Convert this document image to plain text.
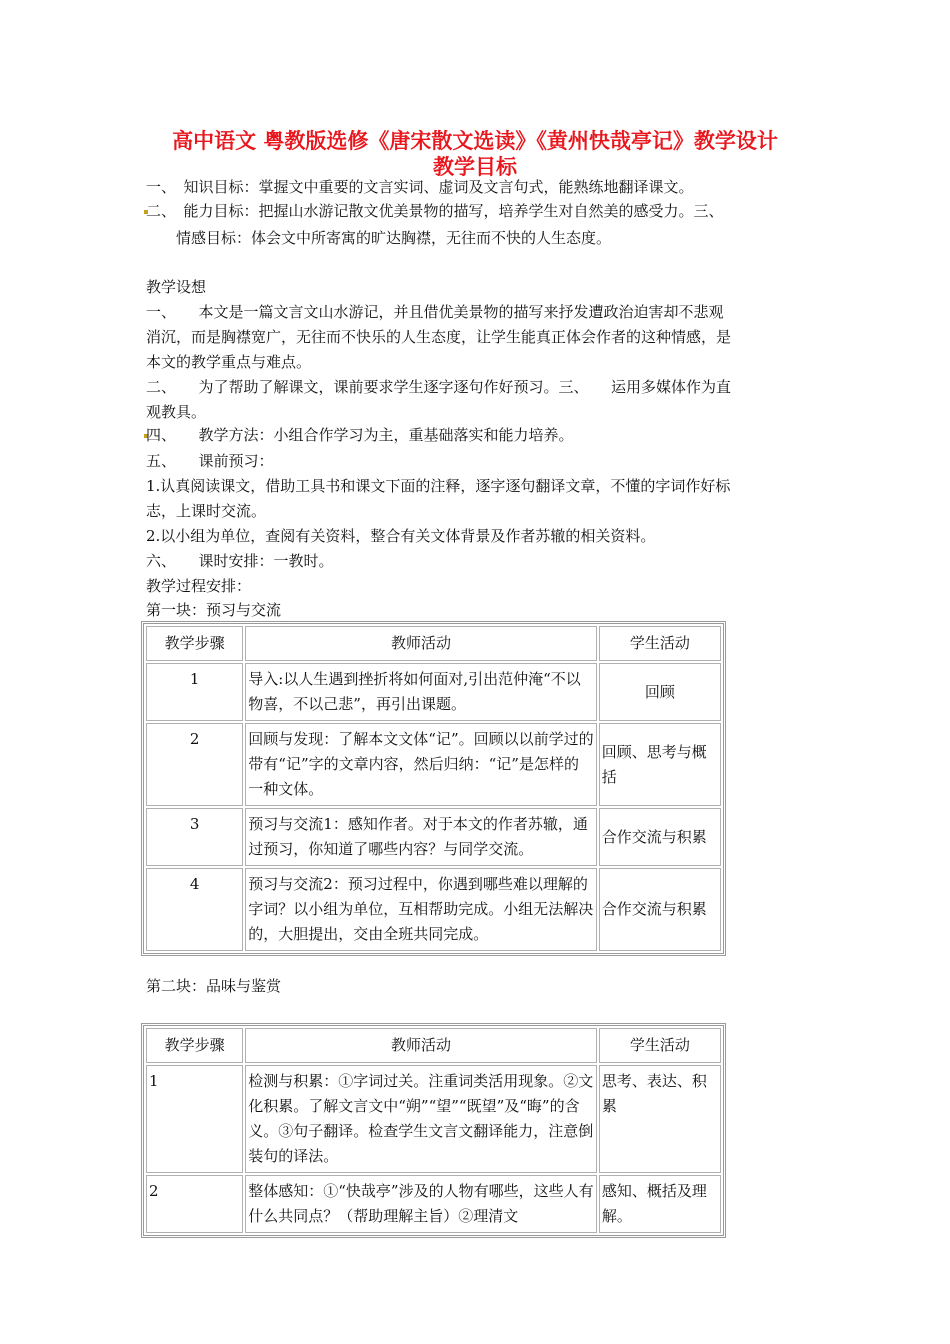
高中语文 粤教版选修《唐宋散文选读》《黄州快哉亭记》教学设计
教学目标
一、　知识目标：掌握文中重要的文言实词、虚词及文言句式，能熟练地翻译课文。
二、　能力目标：把握山水游记散文优美景物的描写，培养学生对自然美的感受力。三、
　　情感目标：体会文中所寄寓的旷达胸襟，无往而不快的人生态度。
教学设想
一、　　本文是一篇文言文山水游记，并且借优美景物的描写来抒发遭政治迫害却不悲观
消沉，而是胸襟宽广，无往而不快乐的人生态度，让学生能真正体会作者的这种情感，是
本文的教学重点与难点。
二、　　为了帮助了解课文，课前要求学生逐字逐句作好预习。三、　　运用多媒体作为直
观教具。
四、　　教学方法：小组合作学习为主，重基础落实和能力培养。
五、　　课前预习：
1.认真阅读课文，借助工具书和课文下面的注释，逐字逐句翻译文章，不懂的字词作好标
志，上课时交流。
2.以小组为单位，查阅有关资料，整合有关文体背景及作者苏辙的相关资料。
六、　　课时安排：一教时。
教学过程安排：
第一块：预习与交流
教学步骤	教师活动	学生活动
1	导入:以人生遇到挫折将如何面对,引出范仲淹“不以物喜，不以己悲”，再引出课题。	回顾
2	回顾与发现：了解本文文体“记”。回顾以以前学过的带有“记”字的文章内容，然后归纳：“记”是怎样的一种文体。	回顾、思考与概括
3	预习与交流1：感知作者。对于本文的作者苏辙，通过预习，你知道了哪些内容？与同学交流。	合作交流与积累
4	预习与交流2：预习过程中，你遇到哪些难以理解的字词？以小组为单位，互相帮助完成。小组无法解决的，大胆提出，交由全班共同完成。	合作交流与积累
第二块：品味与鉴赏
教学步骤	教师活动	学生活动
1	检测与积累：①字词过关。注重词类活用现象。②文化积累。了解文言文中“朔”“望”“既望”及“晦”的含义。③句子翻译。检查学生文言文翻译能力，注意倒装句的译法。	思考、表达、积累
2	整体感知：①“快哉亭”涉及的人物有哪些，这些人有什么共同点？（帮助理解主旨）②理清文	感知、概括及理解。
